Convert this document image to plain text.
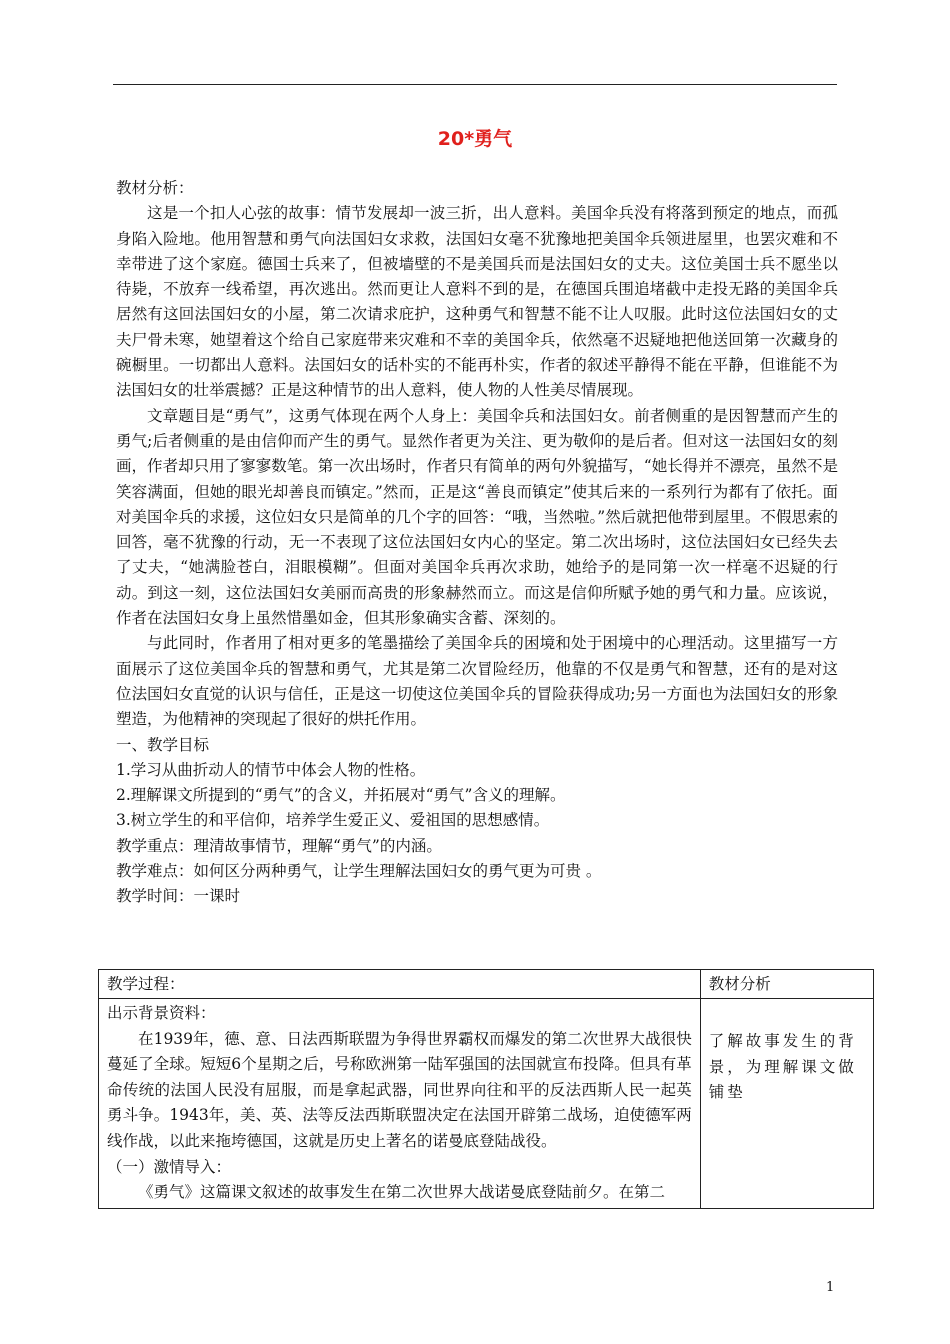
20*勇气

教材分析：

这是一个扣人心弦的故事：情节发展却一波三折，出人意料。美国伞兵没有将落到预定的地点，而孤身陷入险地。他用智慧和勇气向法国妇女求救，法国妇女毫不犹豫地把美国伞兵领进屋里，也罢灾难和不幸带进了这个家庭。德国士兵来了，但被墙壁的不是美国兵而是法国妇女的丈夫。这位美国士兵不愿坐以待毙，不放弃一线希望，再次逃出。然而更让人意料不到的是，在德国兵围追堵截中走投无路的美国伞兵居然有这回法国妇女的小屋，第二次请求庇护，这种勇气和智慧不能不让人叹服。此时这位法国妇女的丈夫尸骨未寒，她望着这个给自己家庭带来灾难和不幸的美国伞兵，依然毫不迟疑地把他送回第一次藏身的碗橱里。一切都出人意料。法国妇女的话朴实的不能再朴实，作者的叙述平静得不能在平静，但谁能不为法国妇女的壮举震撼？正是这种情节的出人意料，使人物的人性美尽情展现。

文章题目是“勇气”，这勇气体现在两个人身上：美国伞兵和法国妇女。前者侧重的是因智慧而产生的勇气;后者侧重的是由信仰而产生的勇气。显然作者更为关注、更为敬仰的是后者。但对这一法国妇女的刻画，作者却只用了寥寥数笔。第一次出场时，作者只有简单的两句外貌描写，“她长得并不漂亮，虽然不是笑容满面，但她的眼光却善良而镇定。”然而，正是这“善良而镇定”使其后来的一系列行为都有了依托。面对美国伞兵的求援，这位妇女只是简单的几个字的回答：“哦，当然啦。”然后就把他带到屋里。不假思索的回答，毫不犹豫的行动，无一不表现了这位法国妇女内心的坚定。第二次出场时，这位法国妇女已经失去了丈夫，“她满脸苍白，泪眼模糊”。但面对美国伞兵再次求助，她给予的是同第一次一样毫不迟疑的行动。到这一刻，这位法国妇女美丽而高贵的形象赫然而立。而这是信仰所赋予她的勇气和力量。应该说，作者在法国妇女身上虽然惜墨如金，但其形象确实含蓄、深刻的。

与此同时，作者用了相对更多的笔墨描绘了美国伞兵的困境和处于困境中的心理活动。这里描写一方面展示了这位美国伞兵的智慧和勇气，尤其是第二次冒险经历，他靠的不仅是勇气和智慧，还有的是对这位法国妇女直觉的认识与信任，正是这一切使这位美国伞兵的冒险获得成功;另一方面也为法国妇女的形象塑造，为他精神的突现起了很好的烘托作用。

一、教学目标

1.学习从曲折动人的情节中体会人物的性格。

2.理解课文所提到的“勇气”的含义，并拓展对“勇气”含义的理解。

3.树立学生的和平信仰，培养学生爱正义、爱祖国的思想感情。

教学重点：理清故事情节，理解“勇气”的内涵。

教学难点：如何区分两种勇气，让学生理解法国妇女的勇气更为可贵 。

教学时间：一课时

教学过程：	教材分析

出示背景资料：

在1939年，德、意、日法西斯联盟为争得世界霸权而爆发的第二次世界大战很快蔓延了全球。短短6个星期之后，号称欧洲第一陆军强国的法国就宣布投降。但具有革命传统的法国人民没有屈服，而是拿起武器，同世界向往和平的反法西斯人民一起英勇斗争。1943年，美、英、法等反法西斯联盟决定在法国开辟第二战场，迫使德军两线作战，以此来拖垮德国，这就是历史上著名的诺曼底登陆战役。

（一）激情导入：

《勇气》这篇课文叙述的故事发生在第二次世界大战诺曼底登陆前夕。在第二	了解故事发生的背景，为理解课文做铺垫
1
